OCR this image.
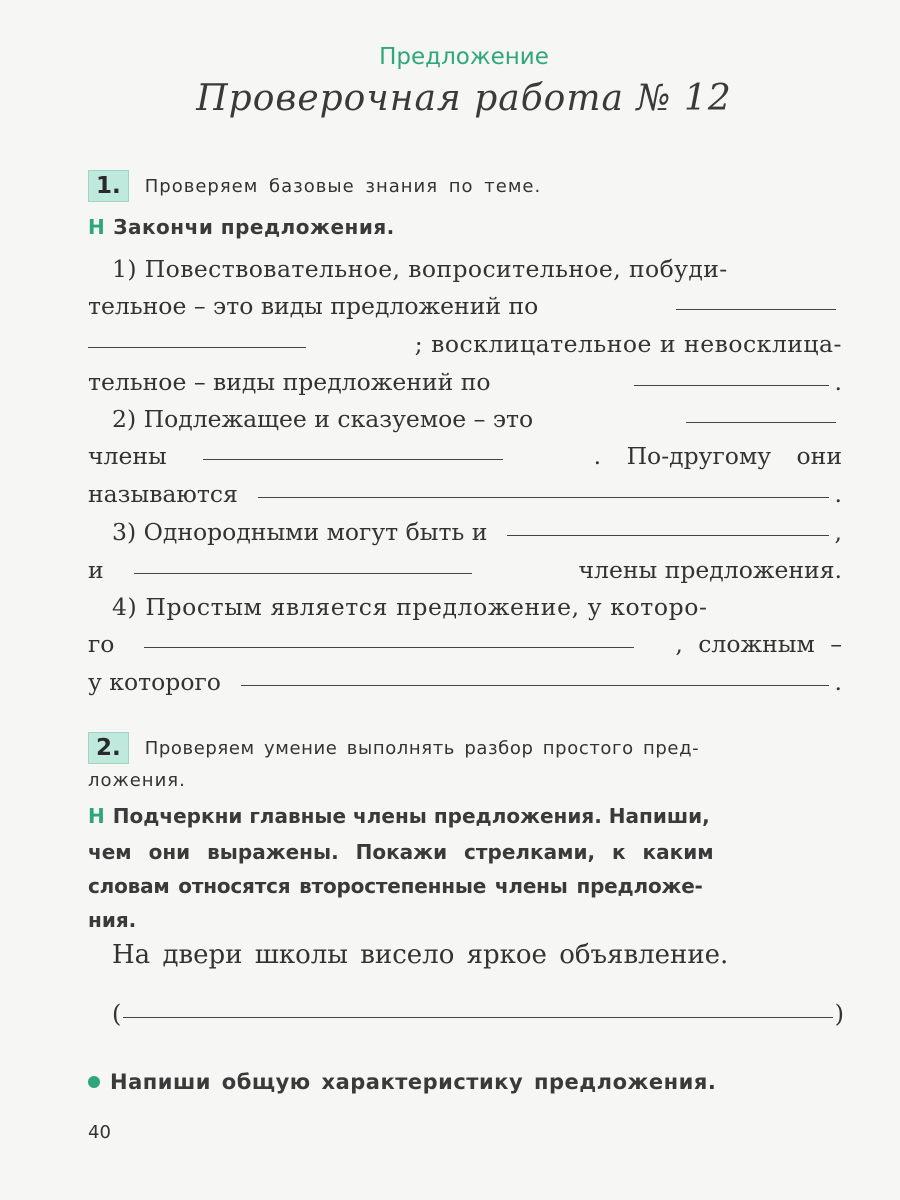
Предложение
Проверочная работа № 12
1.	Проверяем базовые знания по теме.
Н Закончи предложения.
1) Повествовательное, вопросительное, побуди-
тельное – это виды предложений по
; восклицательное и невосклица-
тельное – виды предложений по	.
2) Подлежащее и сказуемое – это
члены	. По-другому они
называются	.
3) Однородными могут быть и	,
и	члены предложения.
4) Простым является предложение, у которо-
го	, сложным –
у которого	.
2.	Проверяем умение выполнять разбор простого пред-
ложения.
Н Подчеркни главные члены предложения. Напиши,
чем они выражены. Покажи стрелками, к каким
словам относятся второстепенные члены предложе-
ния.
На двери школы висело яркое объявление.
(	)
Напиши общую характеристику предложения.
40
